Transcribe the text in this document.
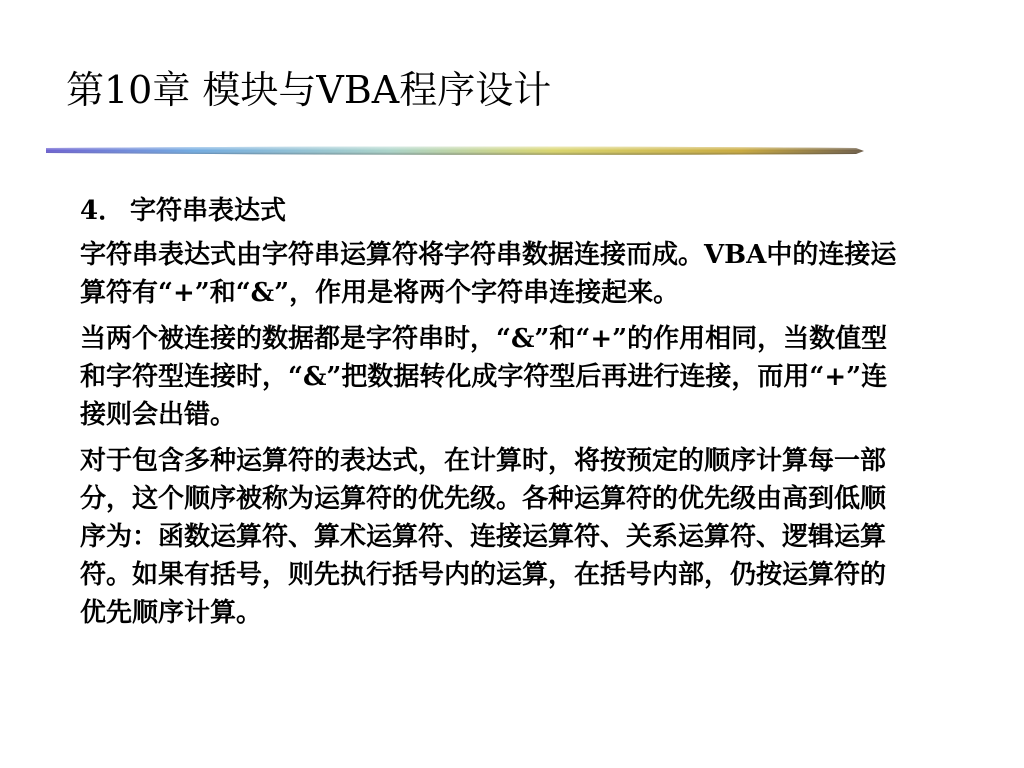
第10章 模块与VBA程序设计

4． 字符串表达式

字符串表达式由字符串运算符将字符串数据连接而成。VBA中的连接运算符有“+”和“&”，作用是将两个字符串连接起来。

当两个被连接的数据都是字符串时，“&”和“+”的作用相同，当数值型和字符型连接时，“&”把数据转化成字符型后再进行连接，而用“+”连接则会出错。

对于包含多种运算符的表达式，在计算时，将按预定的顺序计算每一部分，这个顺序被称为运算符的优先级。各种运算符的优先级由高到低顺序为：函数运算符、算术运算符、连接运算符、关系运算符、逻辑运算符。如果有括号，则先执行括号内的运算，在括号内部，仍按运算符的优先顺序计算。
